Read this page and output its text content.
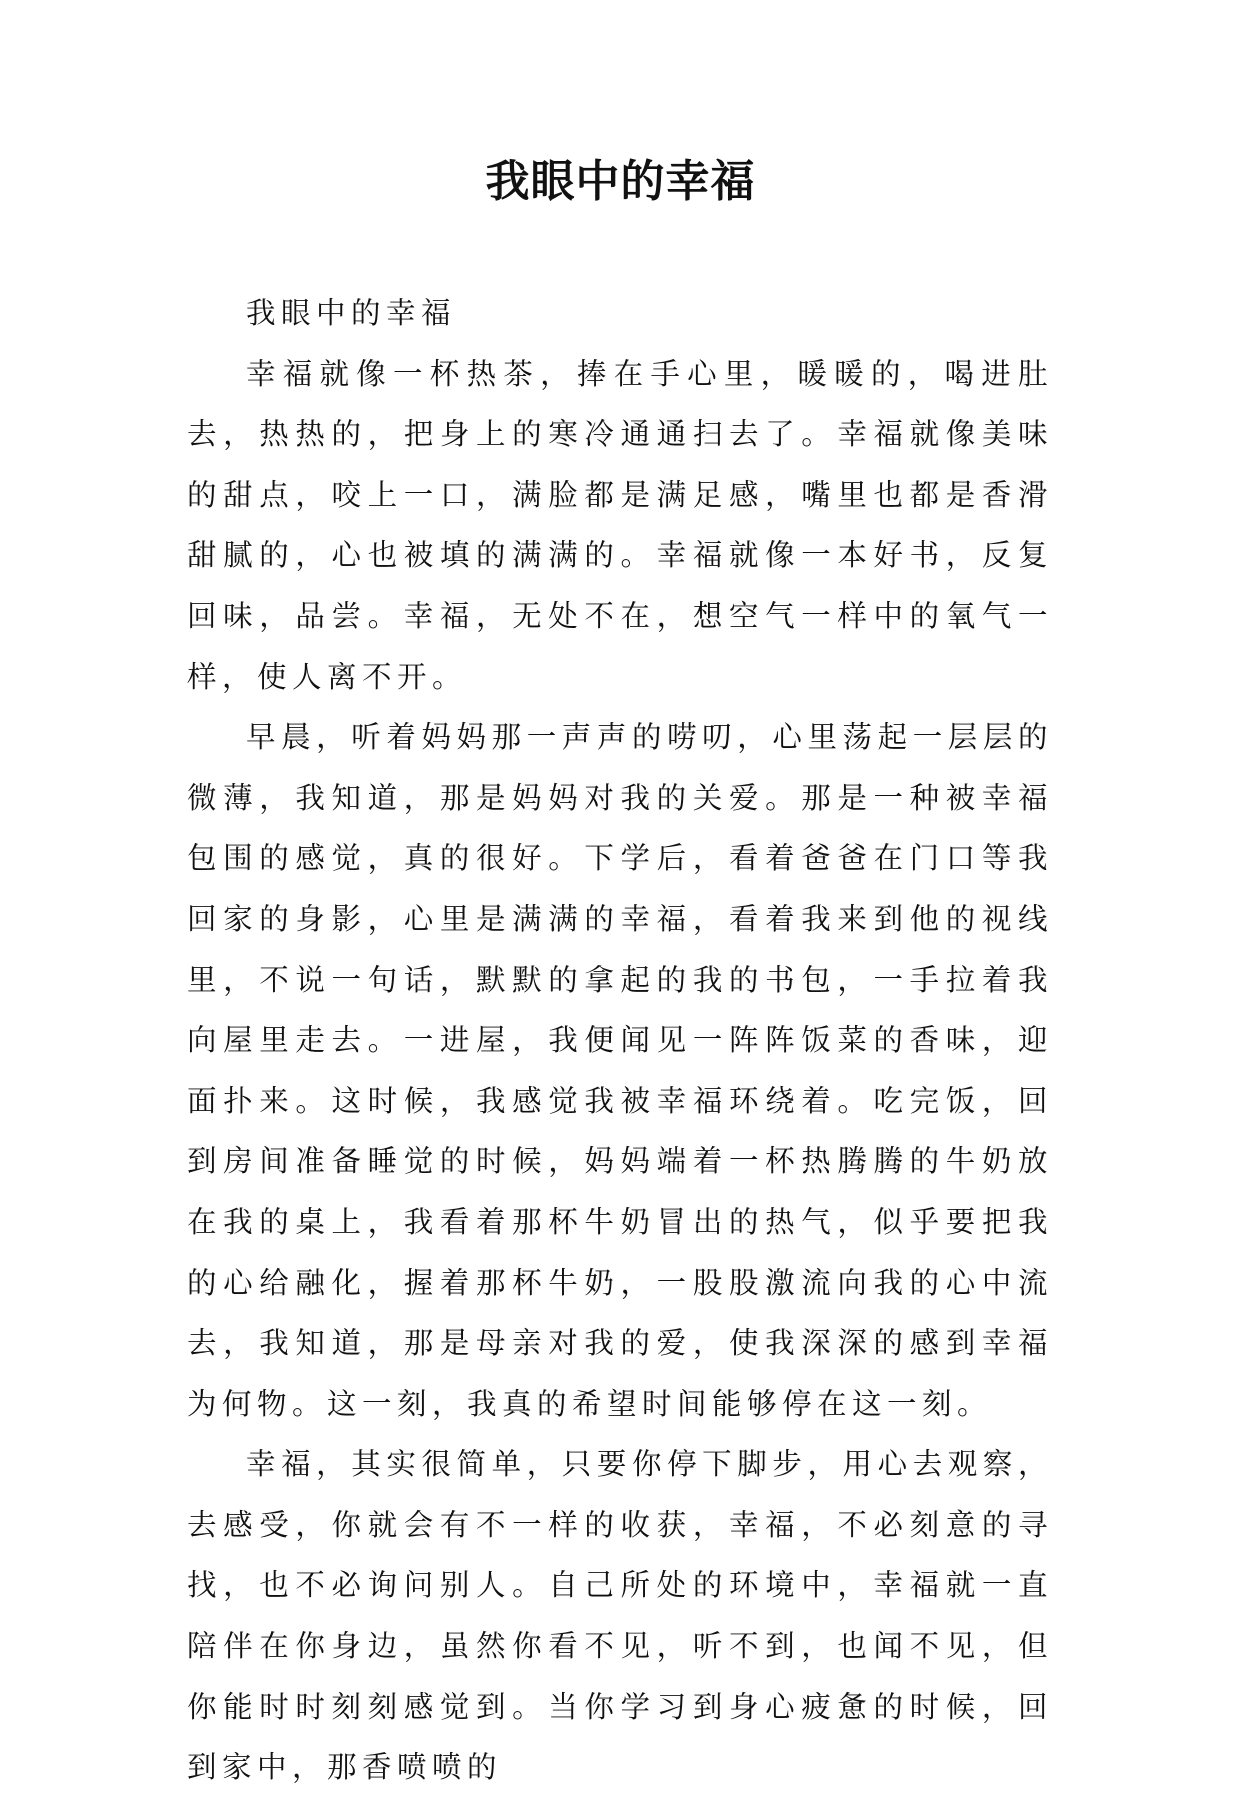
我眼中的幸福

我眼中的幸福

幸福就像一杯热茶，捧在手心里，暖暖的，喝进肚去，热热的，把身上的寒冷通通扫去了。幸福就像美味的甜点，咬上一口，满脸都是满足感，嘴里也都是香滑甜腻的，心也被填的满满的。幸福就像一本好书，反复回味，品尝。幸福，无处不在，想空气一样中的氧气一样，使人离不开。

早晨，听着妈妈那一声声的唠叨，心里荡起一层层的微薄，我知道，那是妈妈对我的关爱。那是一种被幸福包围的感觉，真的很好。下学后，看着爸爸在门口等我回家的身影，心里是满满的幸福，看着我来到他的视线里，不说一句话，默默的拿起的我的书包，一手拉着我向屋里走去。一进屋，我便闻见一阵阵饭菜的香味，迎面扑来。这时候，我感觉我被幸福环绕着。吃完饭，回到房间准备睡觉的时候，妈妈端着一杯热腾腾的牛奶放在我的桌上，我看着那杯牛奶冒出的热气，似乎要把我的心给融化，握着那杯牛奶，一股股激流向我的心中流去，我知道，那是母亲对我的爱，使我深深的感到幸福为何物。这一刻，我真的希望时间能够停在这一刻。

幸福，其实很简单，只要你停下脚步，用心去观察，去感受，你就会有不一样的收获，幸福，不必刻意的寻找，也不必询问别人。自己所处的环境中，幸福就一直陪伴在你身边，虽然你看不见，听不到，也闻不见，但你能时时刻刻感觉到。当你学习到身心疲惫的时候，回到家中，那香喷喷的
